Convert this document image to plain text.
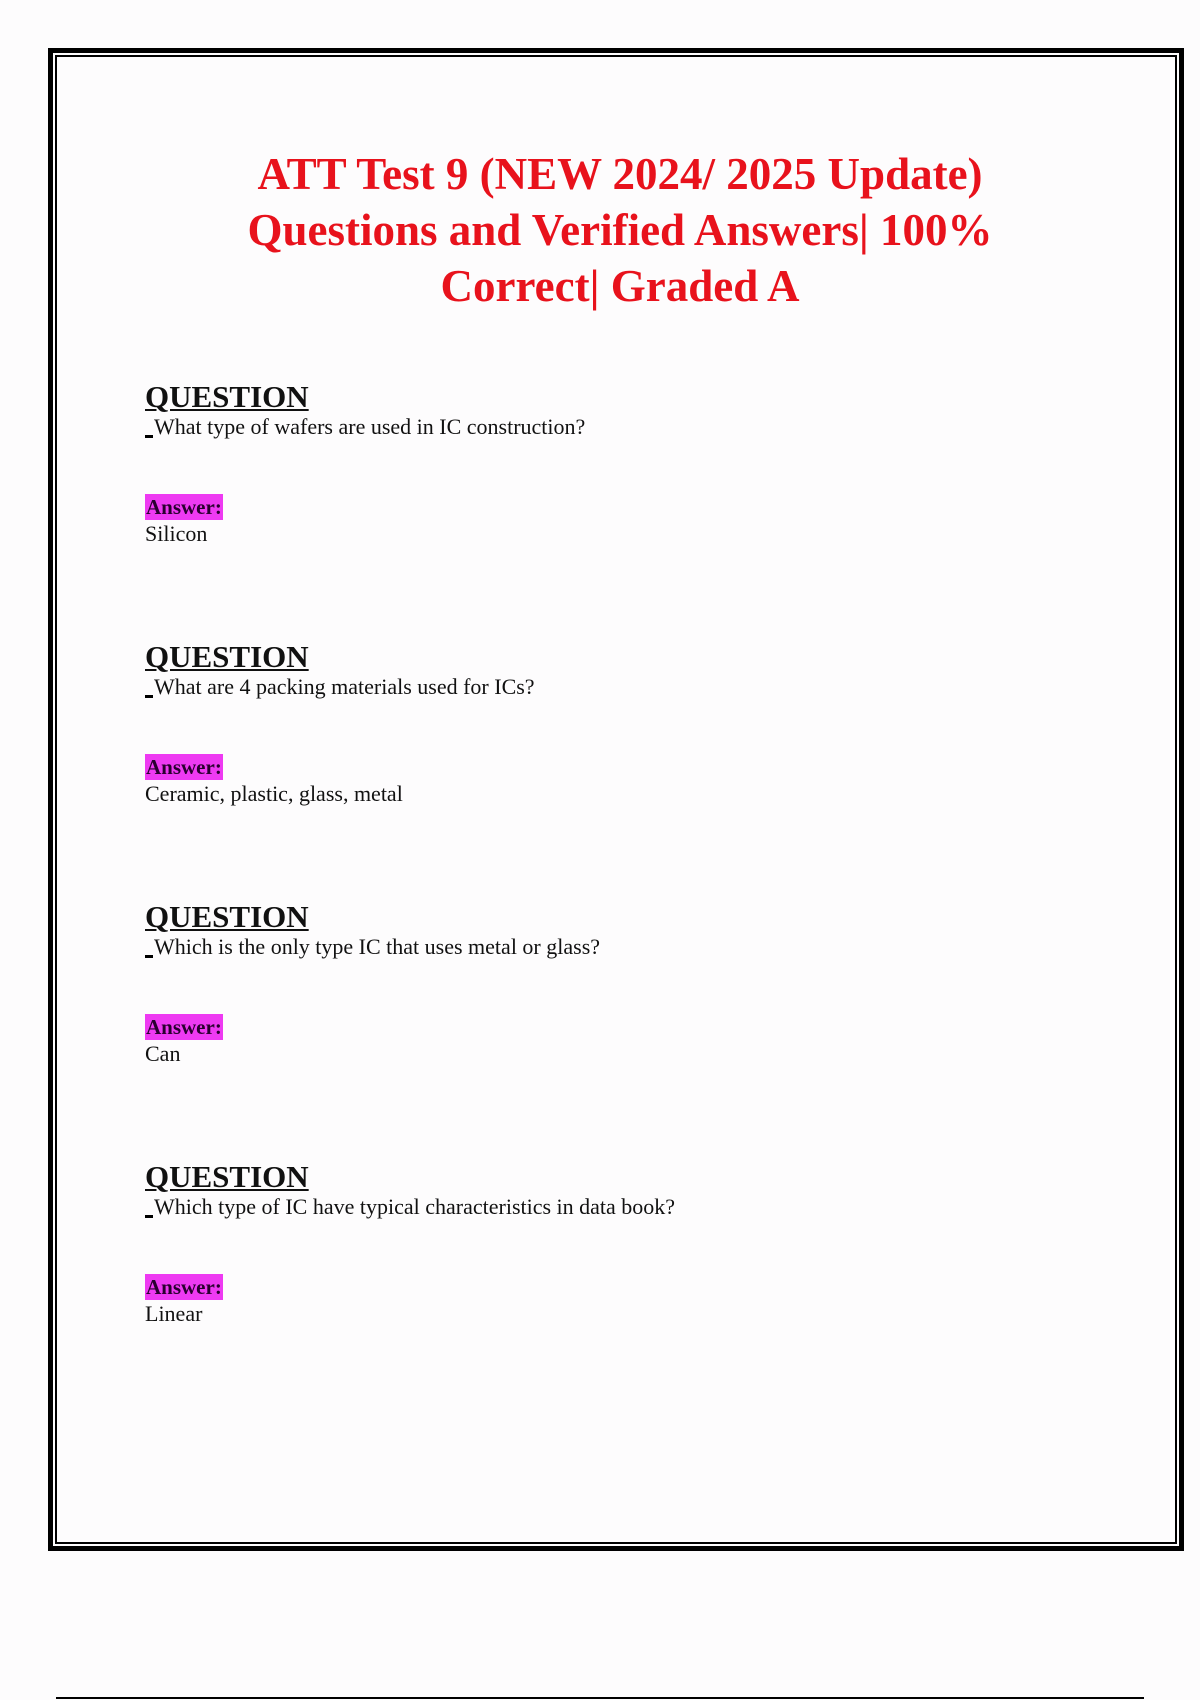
ATT Test 9 (NEW 2024/ 2025 Update)
Questions and Verified Answers| 100%
Correct| Graded A

QUESTION

What type of wafers are used in IC construction?

Answer:

Silicon

QUESTION

What are 4 packing materials used for ICs?

Answer:

Ceramic, plastic, glass, metal

QUESTION

Which is the only type IC that uses metal or glass?

Answer:

Can

QUESTION

Which type of IC have typical characteristics in data book?

Answer:

Linear
